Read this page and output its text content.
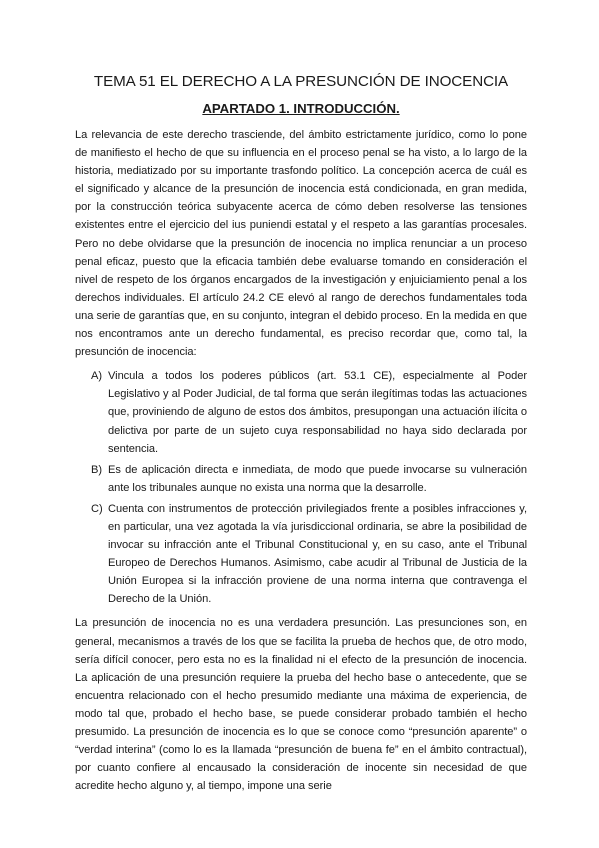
TEMA 51 EL DERECHO A LA PRESUNCIÓN DE INOCENCIA
APARTADO 1. INTRODUCCIÓN.

La relevancia de este derecho trasciende, del ámbito estrictamente jurídico, como lo pone de manifiesto el hecho de que su influencia en el proceso penal se ha visto, a lo largo de la historia, mediatizado por su importante trasfondo político. La concepción acerca de cuál es el significado y alcance de la presunción de inocencia está condicionada, en gran medida, por la construcción teórica subyacente acerca de cómo deben resolverse las tensiones existentes entre el ejercicio del ius puniendi estatal y el respeto a las garantías procesales. Pero no debe olvidarse que la presunción de inocencia no implica renunciar a un proceso penal eficaz, puesto que la eficacia también debe evaluarse tomando en consideración el nivel de respeto de los órganos encargados de la investigación y enjuiciamiento penal a los derechos individuales. El artículo 24.2 CE elevó al rango de derechos fundamentales toda una serie de garantías que, en su conjunto, integran el debido proceso. En la medida en que nos encontramos ante un derecho fundamental, es preciso recordar que, como tal, la presunción de inocencia:

A) Vincula a todos los poderes públicos (art. 53.1 CE), especialmente al Poder Legislativo y al Poder Judicial, de tal forma que serán ilegítimas todas las actuaciones que, proviniendo de alguno de estos dos ámbitos, presupongan una actuación ilícita o delictiva por parte de un sujeto cuya responsabilidad no haya sido declarada por sentencia.
B) Es de aplicación directa e inmediata, de modo que puede invocarse su vulneración ante los tribunales aunque no exista una norma que la desarrolle.
C) Cuenta con instrumentos de protección privilegiados frente a posibles infracciones y, en particular, una vez agotada la vía jurisdiccional ordinaria, se abre la posibilidad de invocar su infracción ante el Tribunal Constitucional y, en su caso, ante el Tribunal Europeo de Derechos Humanos. Asimismo, cabe acudir al Tribunal de Justicia de la Unión Europea si la infracción proviene de una norma interna que contravenga el Derecho de la Unión.

La presunción de inocencia no es una verdadera presunción. Las presunciones son, en general, mecanismos a través de los que se facilita la prueba de hechos que, de otro modo, sería difícil conocer, pero esta no es la finalidad ni el efecto de la presunción de inocencia. La aplicación de una presunción requiere la prueba del hecho base o antecedente, que se encuentra relacionado con el hecho presumido mediante una máxima de experiencia, de modo tal que, probado el hecho base, se puede considerar probado también el hecho presumido. La presunción de inocencia es lo que se conoce como “presunción aparente” o “verdad interina” (como lo es la llamada “presunción de buena fe” en el ámbito contractual), por cuanto confiere al encausado la consideración de inocente sin necesidad de que acredite hecho alguno y, al tiempo, impone una serie
